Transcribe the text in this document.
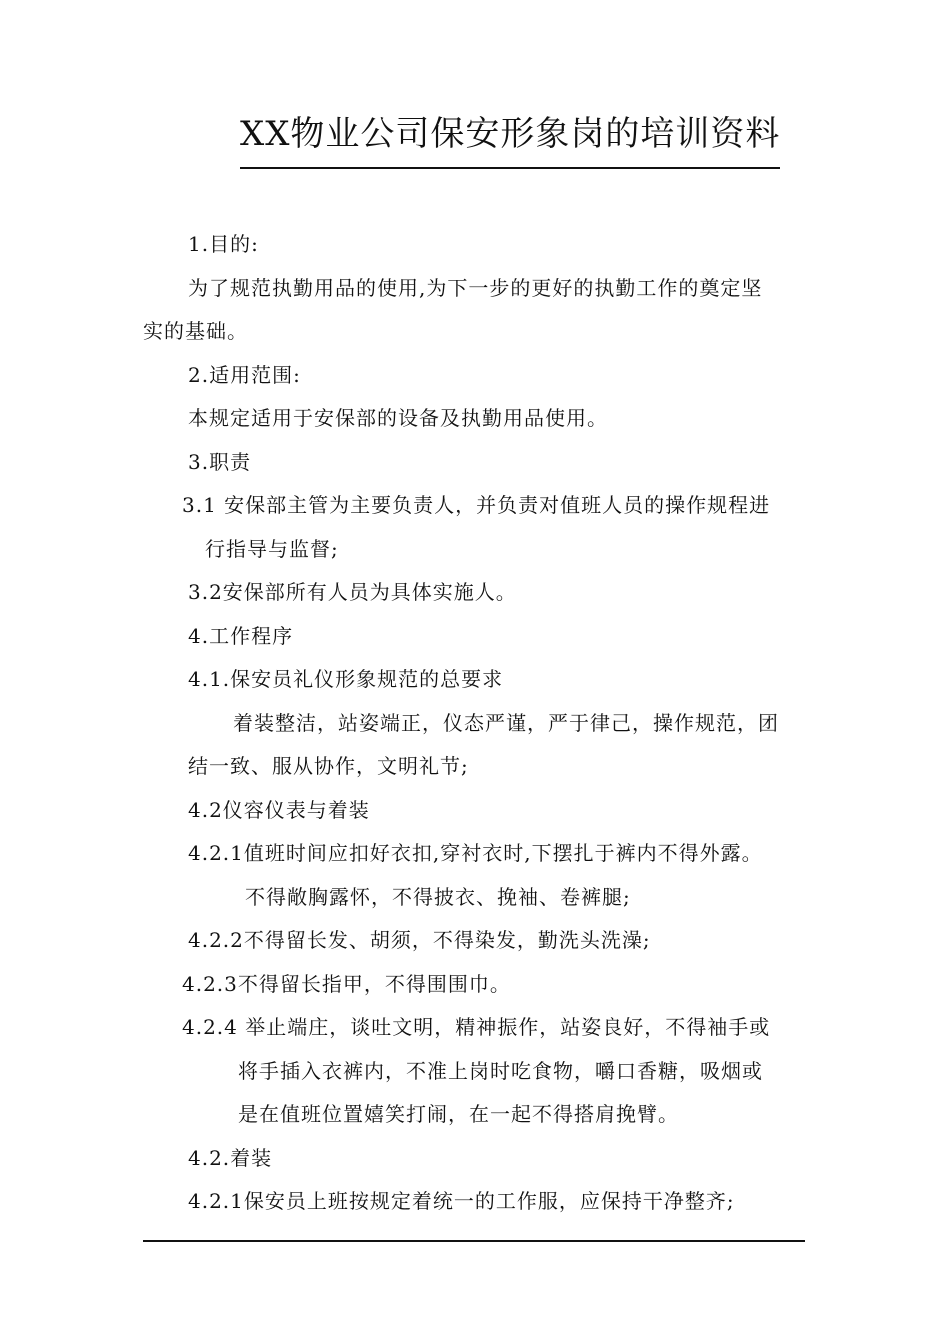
XX物业公司保安形象岗的培训资料
1.目的:
为了规范执勤用品的使用,为下一步的更好的执勤工作的奠定坚
实的基础。
2.适用范围:
本规定适用于安保部的设备及执勤用品使用。
3.职责
3.1 安保部主管为主要负责人，并负责对值班人员的操作规程进
行指导与监督;
3.2安保部所有人员为具体实施人。
4.工作程序
4.1.保安员礼仪形象规范的总要求
着装整洁，站姿端正，仪态严谨，严于律己，操作规范，团
结一致、服从协作，文明礼节;
4.2仪容仪表与着装
4.2.1值班时间应扣好衣扣,穿衬衣时,下摆扎于裤内不得外露。
不得敞胸露怀，不得披衣、挽袖、卷裤腿;
4.2.2不得留长发、胡须，不得染发，勤洗头洗澡;
4.2.3不得留长指甲，不得围围巾。
4.2.4 举止端庄，谈吐文明，精神振作，站姿良好，不得袖手或
将手插入衣裤内，不准上岗时吃食物，嚼口香糖，吸烟或
是在值班位置嬉笑打闹，在一起不得搭肩挽臂。
4.2.着装
4.2.1保安员上班按规定着统一的工作服，应保持干净整齐;
